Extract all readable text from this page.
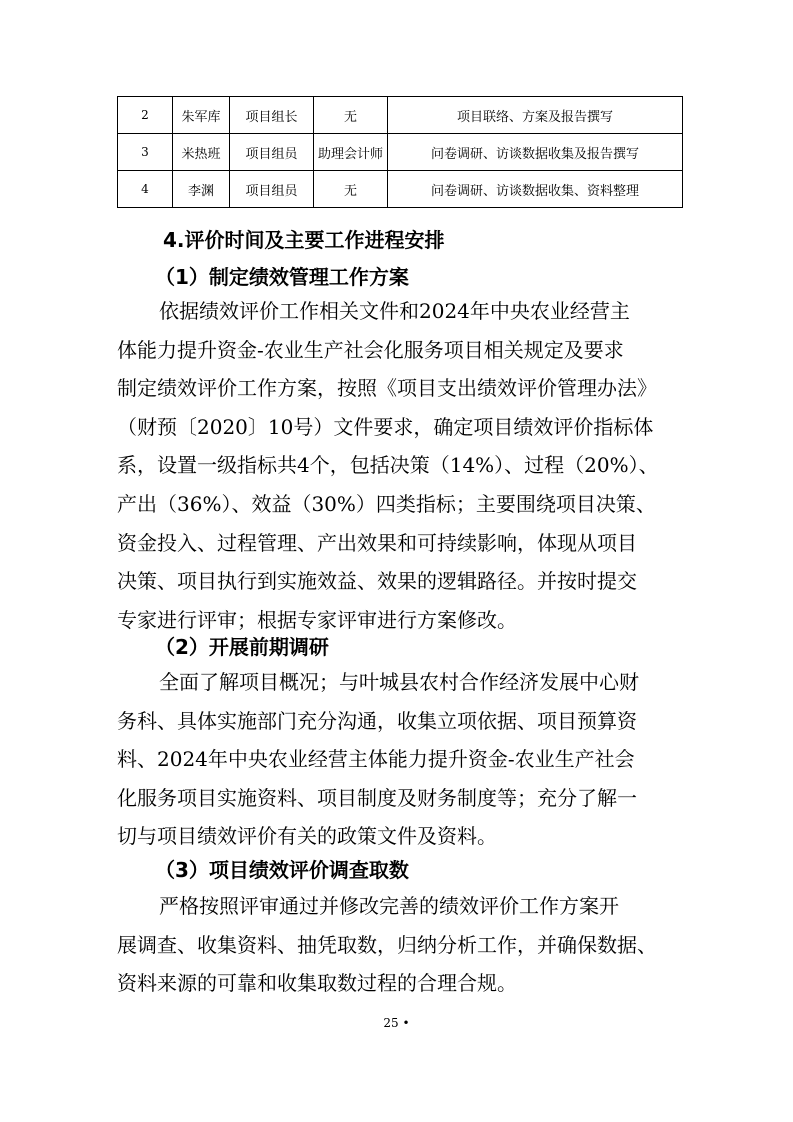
2	朱军库	项目组长	无	项目联络、方案及报告撰写
3	米热班	项目组员	助理会计师	问卷调研、访谈数据收集及报告撰写
4	李渊	项目组员	无	问卷调研、访谈数据收集、资料整理
4.评价时间及主要工作进程安排
（1）制定绩效管理工作方案
依据绩效评价工作相关文件和2024年中央农业经营主
体能力提升资金-农业生产社会化服务项目相关规定及要求
制定绩效评价工作方案，按照《项目支出绩效评价管理办法》
（财预〔2020〕10号）文件要求，确定项目绩效评价指标体
系，设置一级指标共4个，包括决策（14%）、过程（20%）、
产出（36%）、效益（30%）四类指标；主要围绕项目决策、
资金投入、过程管理、产出效果和可持续影响，体现从项目
决策、项目执行到实施效益、效果的逻辑路径。并按时提交
专家进行评审；根据专家评审进行方案修改。
（2）开展前期调研
全面了解项目概况；与叶城县农村合作经济发展中心财
务科、具体实施部门充分沟通，收集立项依据、项目预算资
料、2024年中央农业经营主体能力提升资金-农业生产社会
化服务项目实施资料、项目制度及财务制度等；充分了解一
切与项目绩效评价有关的政策文件及资料。
（3）项目绩效评价调查取数
严格按照评审通过并修改完善的绩效评价工作方案开
展调查、收集资料、抽凭取数，归纳分析工作，并确保数据、
资料来源的可靠和收集取数过程的合理合规。
25 •
